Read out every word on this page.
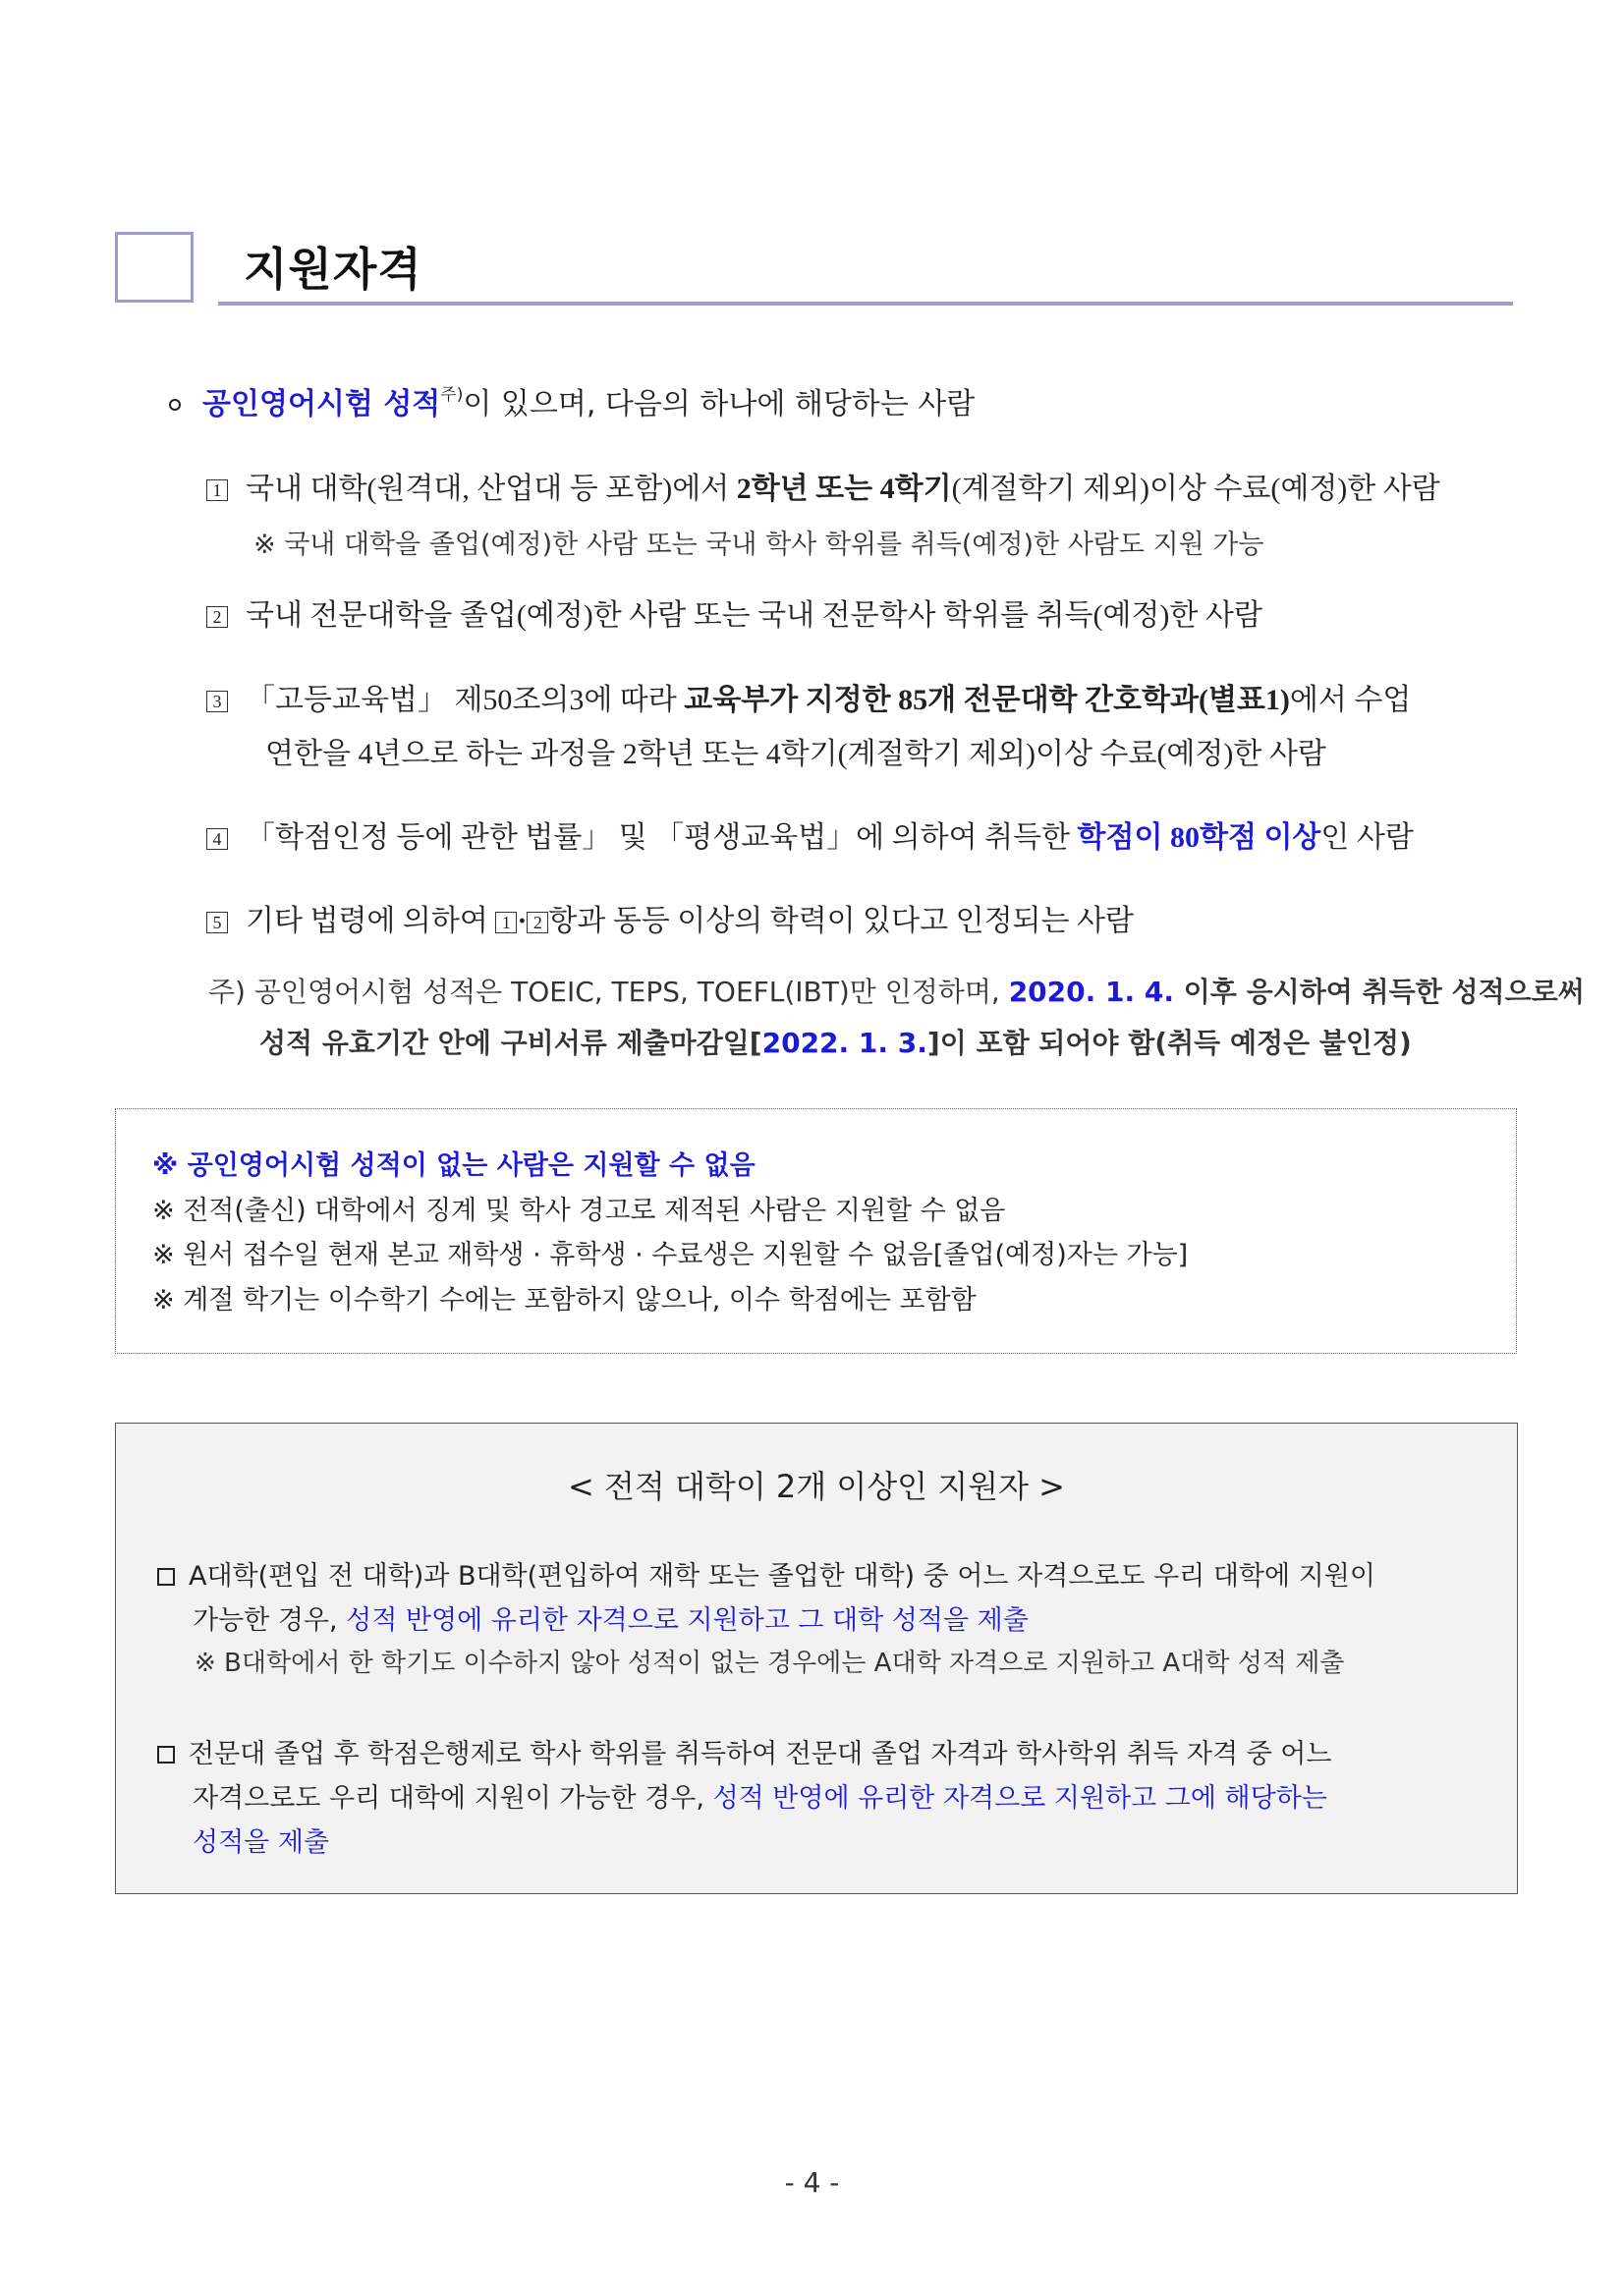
지원자격
공인영어시험 성적$^{주)}$이 있으며, 다음의 하나에 해당하는 사람
1 국내 대학(원격대, 산업대 등 포함)에서 2학년 또는 4학기(계절학기 제외)이상 수료(예정)한 사람
※ 국내 대학을 졸업(예정)한 사람 또는 국내 학사 학위를 취득(예정)한 사람도 지원 가능
2 국내 전문대학을 졸업(예정)한 사람 또는 국내 전문학사 학위를 취득(예정)한 사람
3 「고등교육법」 제50조의3에 따라 교육부가 지정한 85개 전문대학 간호학과(별표1)에서 수업
연한을 4년으로 하는 과정을 2학년 또는 4학기(계절학기 제외)이상 수료(예정)한 사람
4 「학점인정 등에 관한 법률」 및 「평생교육법」에 의하여 취득한 학점이 80학점 이상인 사람
5 기타 법령에 의하여 1 · 2 항과 동등 이상의 학력이 있다고 인정되는 사람
주) 공인영어시험 성적은 TOEIC, TEPS, TOEFL(IBT)만 인정하며, 2020. 1. 4. 이후 응시하여 취득한 성적으로써
성적 유효기간 안에 구비서류 제출마감일[2022. 1. 3.]이 포함 되어야 함(취득 예정은 불인정)
※ 공인영어시험 성적이 없는 사람은 지원할 수 없음
※ 전적(출신) 대학에서 징계 및 학사 경고로 제적된 사람은 지원할 수 없음
※ 원서 접수일 현재 본교 재학생 · 휴학생 · 수료생은 지원할 수 없음[졸업(예정)자는 가능]
※ 계절 학기는 이수학기 수에는 포함하지 않으나, 이수 학점에는 포함함
< 전적 대학이 2개 이상인 지원자 >
A대학(편입 전 대학)과 B대학(편입하여 재학 또는 졸업한 대학) 중 어느 자격으로도 우리 대학에 지원이
가능한 경우, 성적 반영에 유리한 자격으로 지원하고 그 대학 성적을 제출
※ B대학에서 한 학기도 이수하지 않아 성적이 없는 경우에는 A대학 자격으로 지원하고 A대학 성적 제출
전문대 졸업 후 학점은행제로 학사 학위를 취득하여 전문대 졸업 자격과 학사학위 취득 자격 중 어느
자격으로도 우리 대학에 지원이 가능한 경우, 성적 반영에 유리한 자격으로 지원하고 그에 해당하는
성적을 제출
- 4 -
